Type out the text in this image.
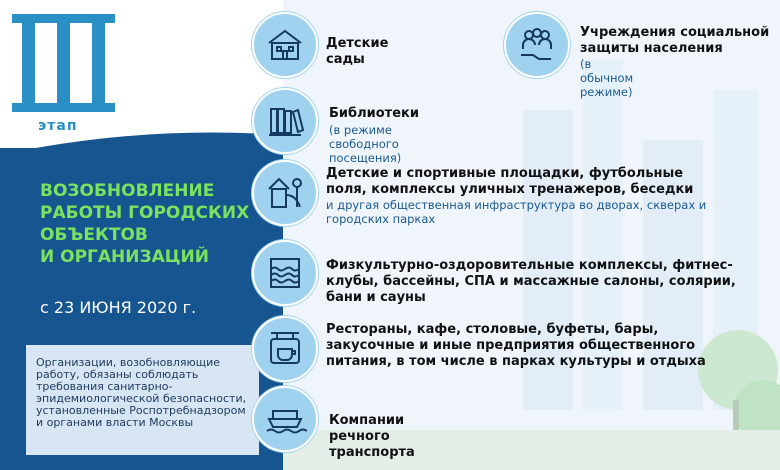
этап
ВОЗОБНОВЛЕНИЕ
РАБОТЫ ГОРОДСКИХ
ОБЪЕКТОВ
И ОРГАНИЗАЦИЙ
с 23 ИЮНЯ 2020 г.

Организации, возобновляющие работу, обязаны соблюдать требования санитарно-эпидемиологической безопасности, установленные Роспотребнадзором и органами власти Москвы

Детские сады
Учреждения социальной защиты населения
(в обычном режиме)
Библиотеки
(в режиме свободного посещения)
Детские и спортивные площадки, футбольные поля, комплексы уличных тренажеров, беседки
и другая общественная инфраструктура во дворах, скверах и городских парках
Физкультурно-оздоровительные комплексы, фитнес-клубы, бассейны, СПА и массажные салоны, солярии, бани и сауны
Рестораны, кафе, столовые, буфеты, бары, закусочные и иные предприятия общественного питания, в том числе в парках культуры и отдыха
Компании речного транспорта
